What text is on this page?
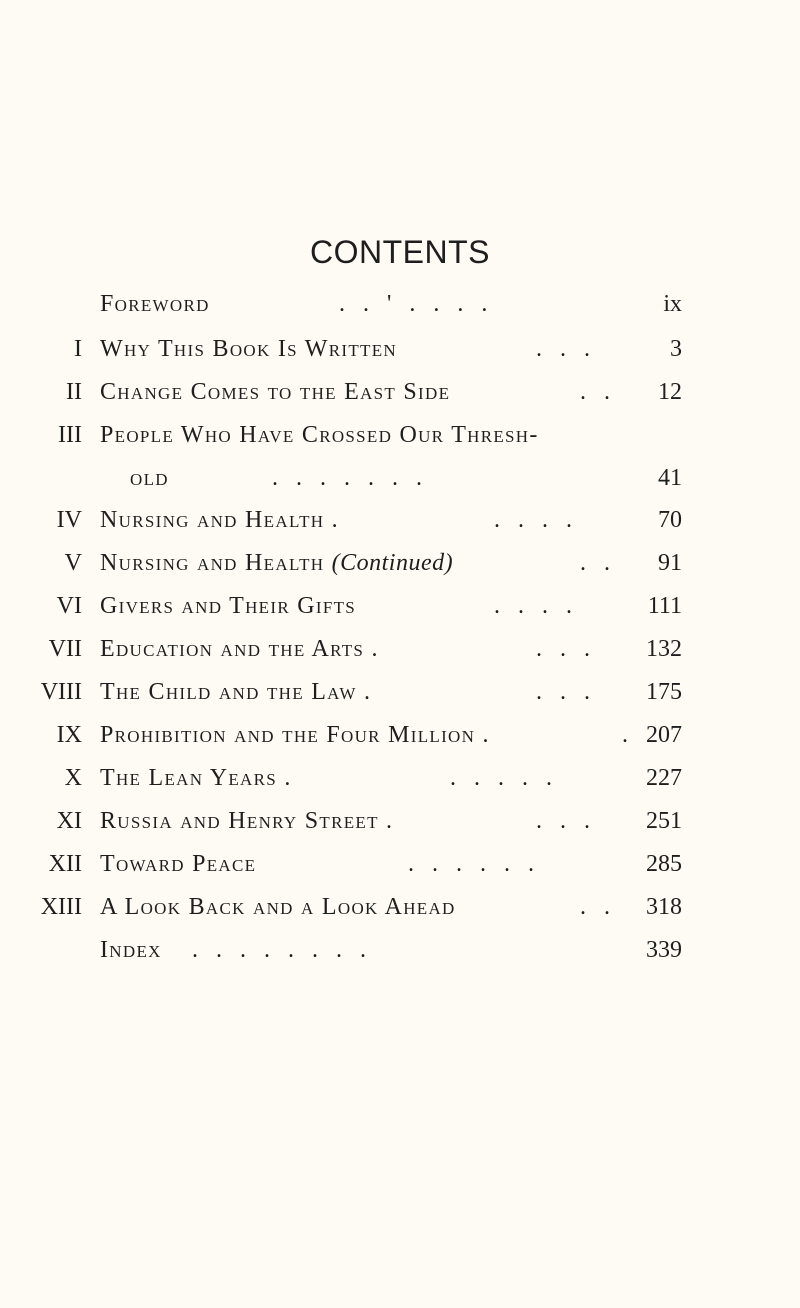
CONTENTS
Foreword	.   .   '   .   .   .   .	ix
I Why This Book Is Written	.   .   .	3
II Change Comes to the East Side	.   . 12
III People Who Have Crossed Our Thresh-
old	.   .   .   .   .   .   .	41
IV Nursing and Health .	.   .   .   .	70
V Nursing and Health (Continued)	.   . 91
VI Givers and Their Gifts	.   .   .   .	111
VII Education and the Arts .	.   .   . 132
VIII The Child and the Law .	.   .   . 175
IX Prohibition and the Four Million .	. 207
X The Lean Years .	.   .   .   .   .	227
XI Russia and Henry Street .	.   .   . 251
XII Toward Peace	.   .   .   .   .   .	285
XIII A Look Back and a Look Ahead	.   . 318
Index .   .   .   .   .   .   .   .	339
